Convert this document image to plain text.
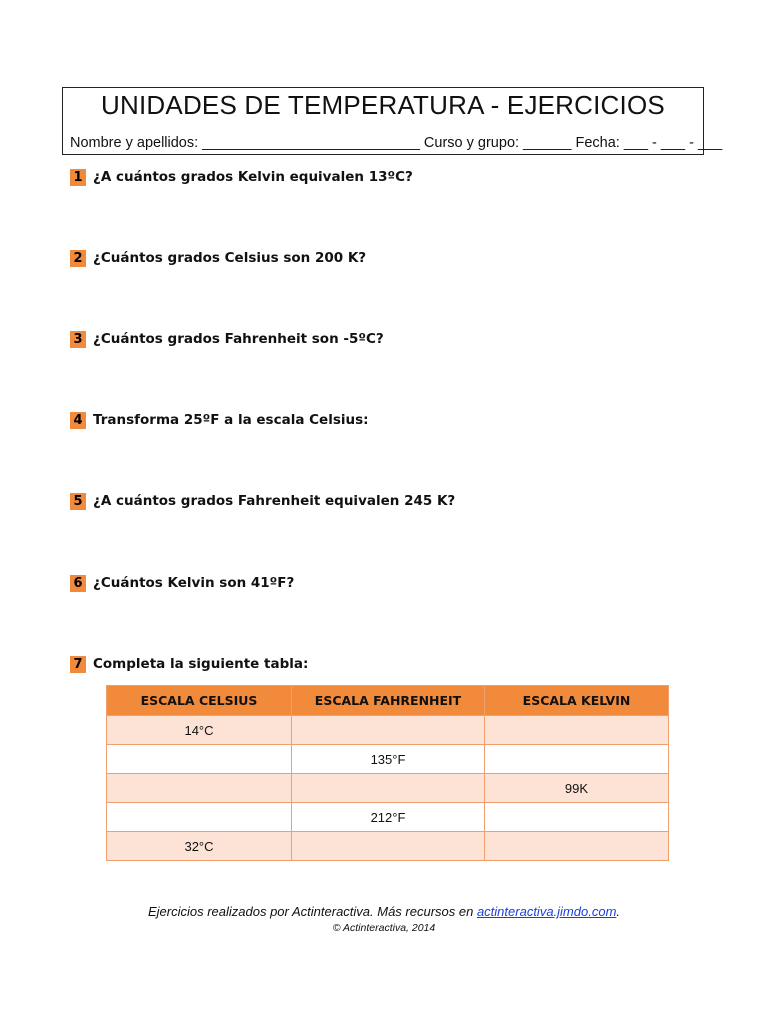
UNIDADES DE TEMPERATURA - EJERCICIOS
Nombre y apellidos: ___________________________ Curso y grupo: ______ Fecha: ___ - ___ - ___
1 ¿A cuántos grados Kelvin equivalen 13ºC?
2 ¿Cuántos grados Celsius son 200 K?
3 ¿Cuántos grados Fahrenheit son -5ºC?
4 Transforma 25ºF a la escala Celsius:
5 ¿A cuántos grados Fahrenheit equivalen 245 K?
6 ¿Cuántos Kelvin son 41ºF?
7 Completa la siguiente tabla:
ESCALA CELSIUS	ESCALA FAHRENHEIT	ESCALA KELVIN
14°C		
	135°F	
		99K
	212°F	
32°C		
Ejercicios realizados por Actinteractiva. Más recursos en actinteractiva.jimdo.com.
© Actinteractiva, 2014
